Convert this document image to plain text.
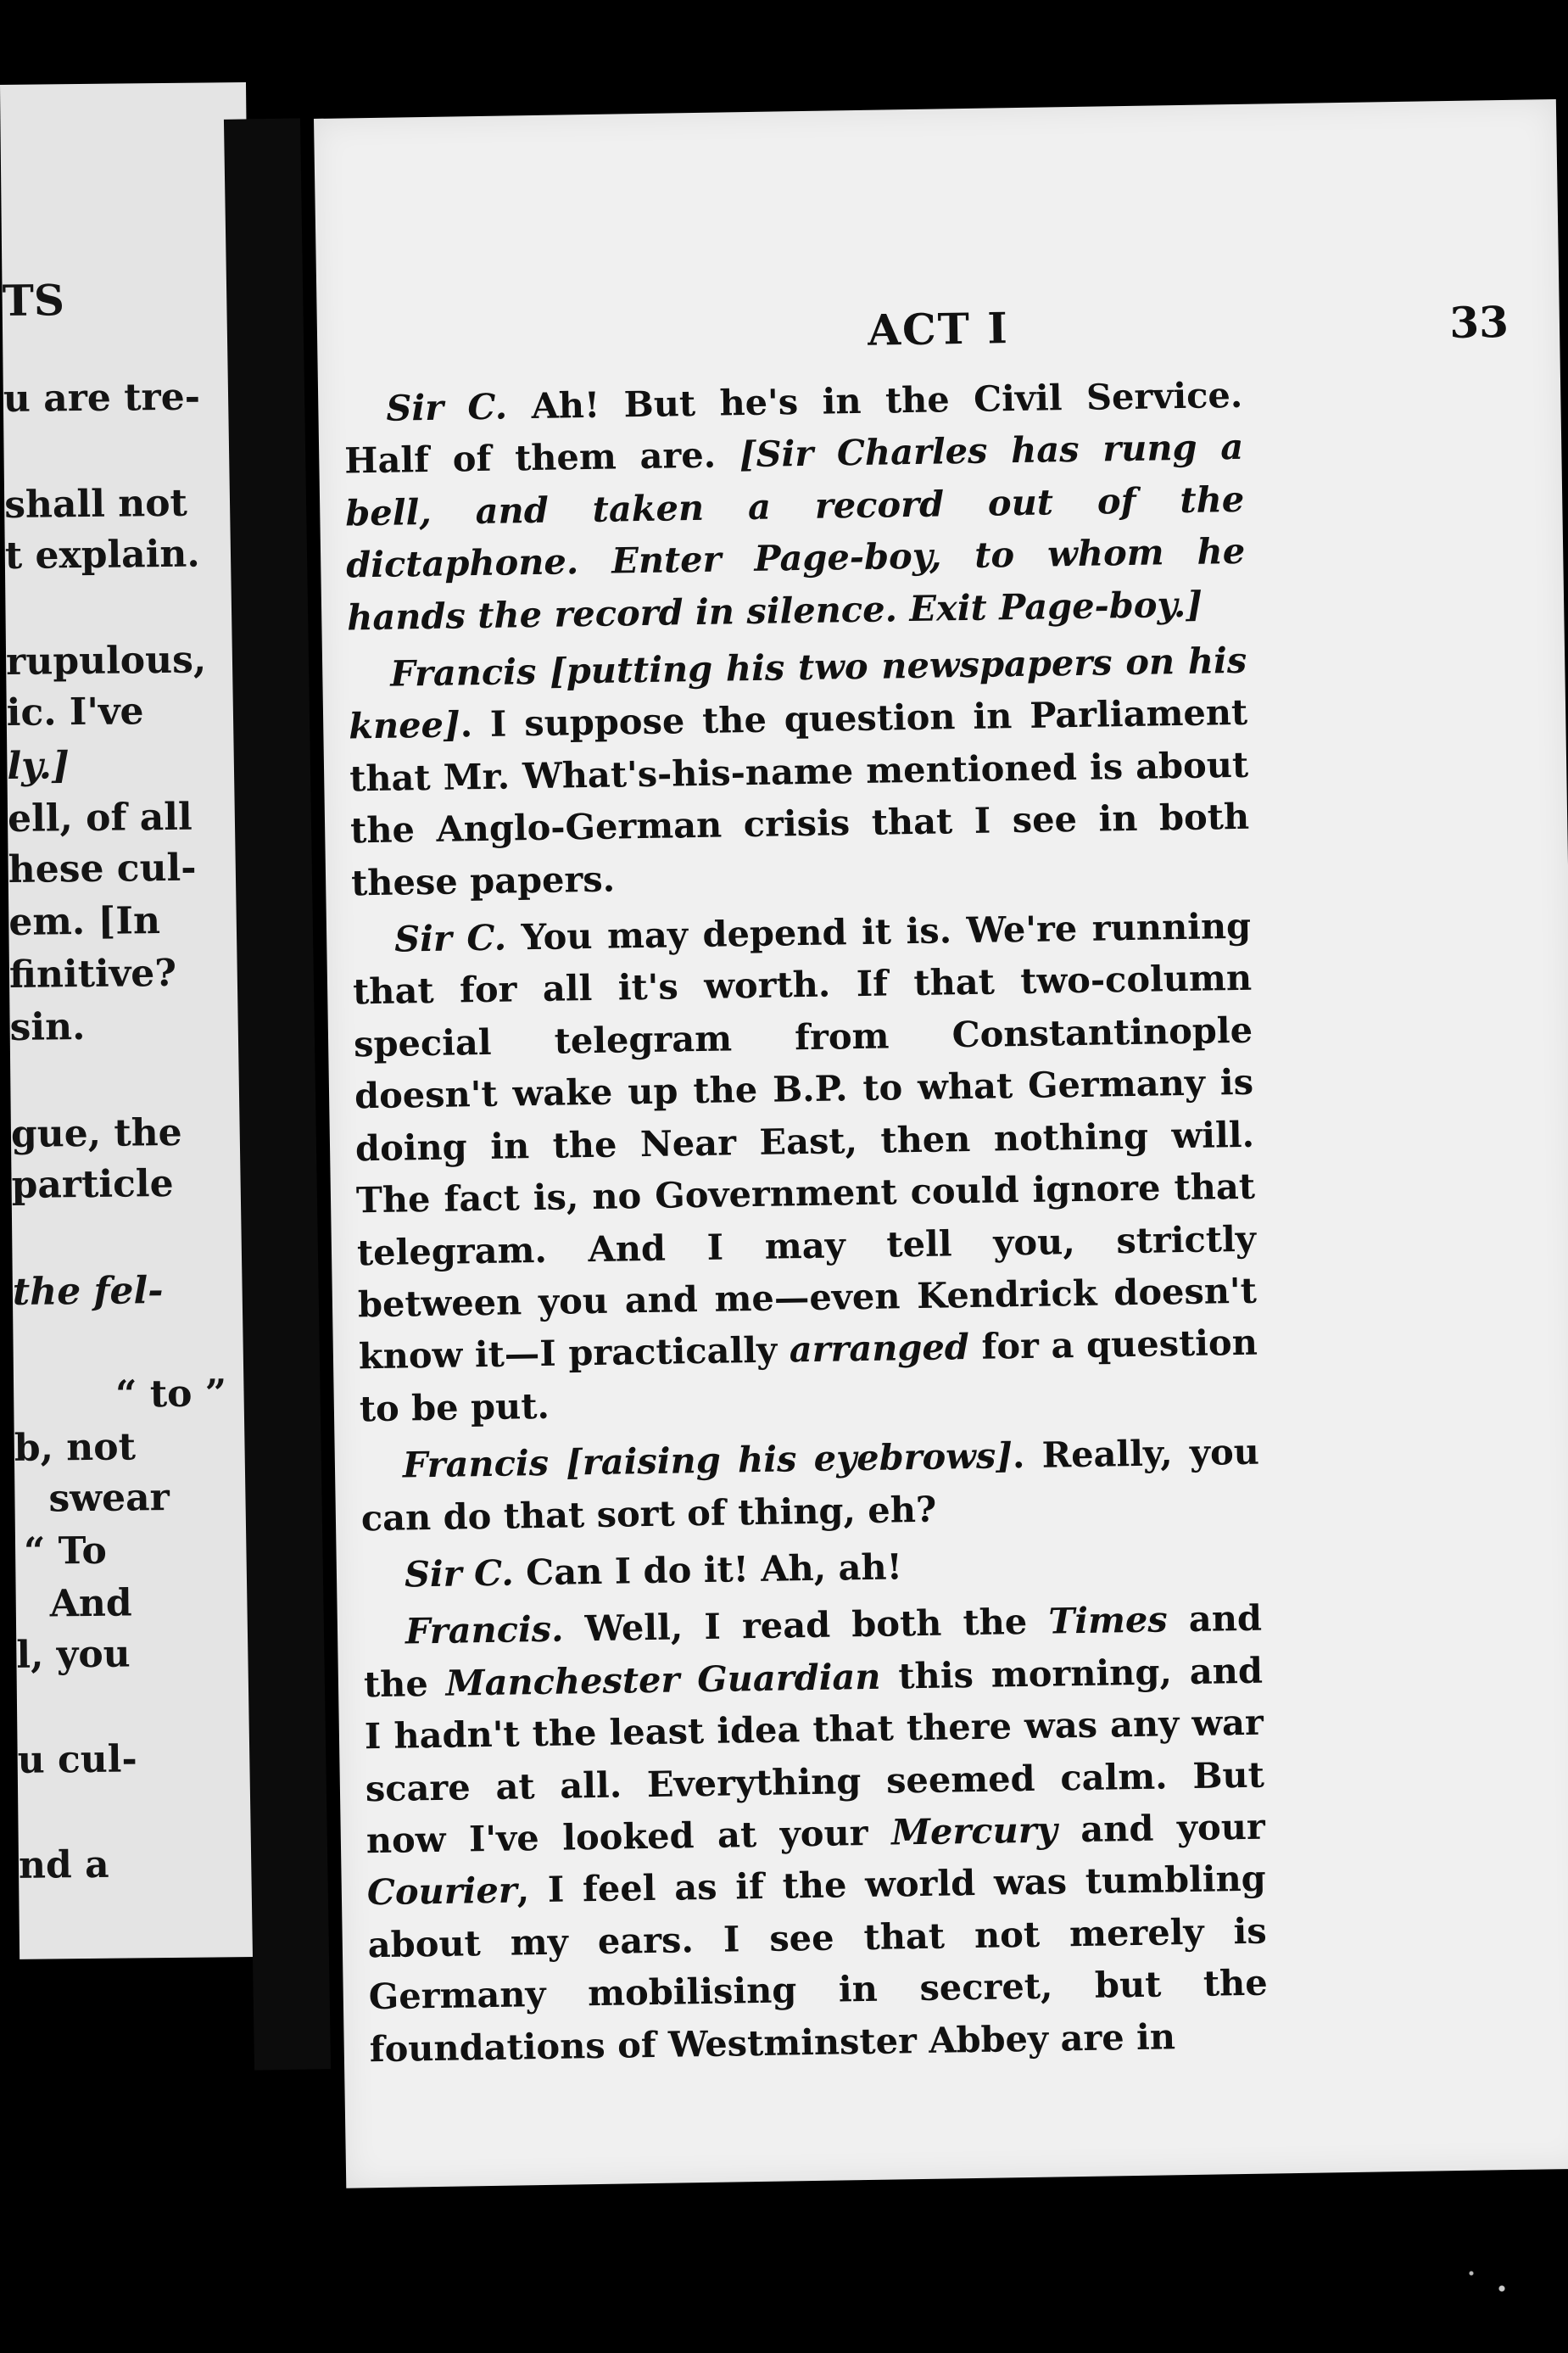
TS
u are tre-
shall not
t explain.
rupulous,
ic. I've
ly.]
ell, of all
hese cul-
em. [In
finitive?
sin.
gue, the
particle
the fel-
“ to ”
b, not
swear
“ To
And
l, you
u cul-
nd a
ACT I	33

Sir C. Ah! But he's in the Civil Service. Half of them are. [Sir Charles has rung a bell, and taken a record out of the dictaphone. Enter Page-boy, to whom he hands the record in silence. Exit Page-boy.]

Francis [putting his two newspapers on his knee]. I suppose the question in Parliament that Mr. What's-his-name mentioned is about the Anglo-German crisis that I see in both these papers.

Sir C. You may depend it is. We're running that for all it's worth. If that two-column special telegram from Constantinople doesn't wake up the B.P. to what Germany is doing in the Near East, then nothing will. The fact is, no Government could ignore that telegram. And I may tell you, strictly between you and me—even Kendrick doesn't know it—I practically arranged for a question to be put.

Francis [raising his eyebrows]. Really, you can do that sort of thing, eh?

Sir C. Can I do it! Ah, ah!

Francis. Well, I read both the Times and the Manchester Guardian this morning, and I hadn't the least idea that there was any war scare at all. Everything seemed calm. But now I've looked at your Mercury and your Courier, I feel as if the world was tumbling about my ears. I see that not merely is Germany mobilising in secret, but the foundations of Westminster Abbey are in
